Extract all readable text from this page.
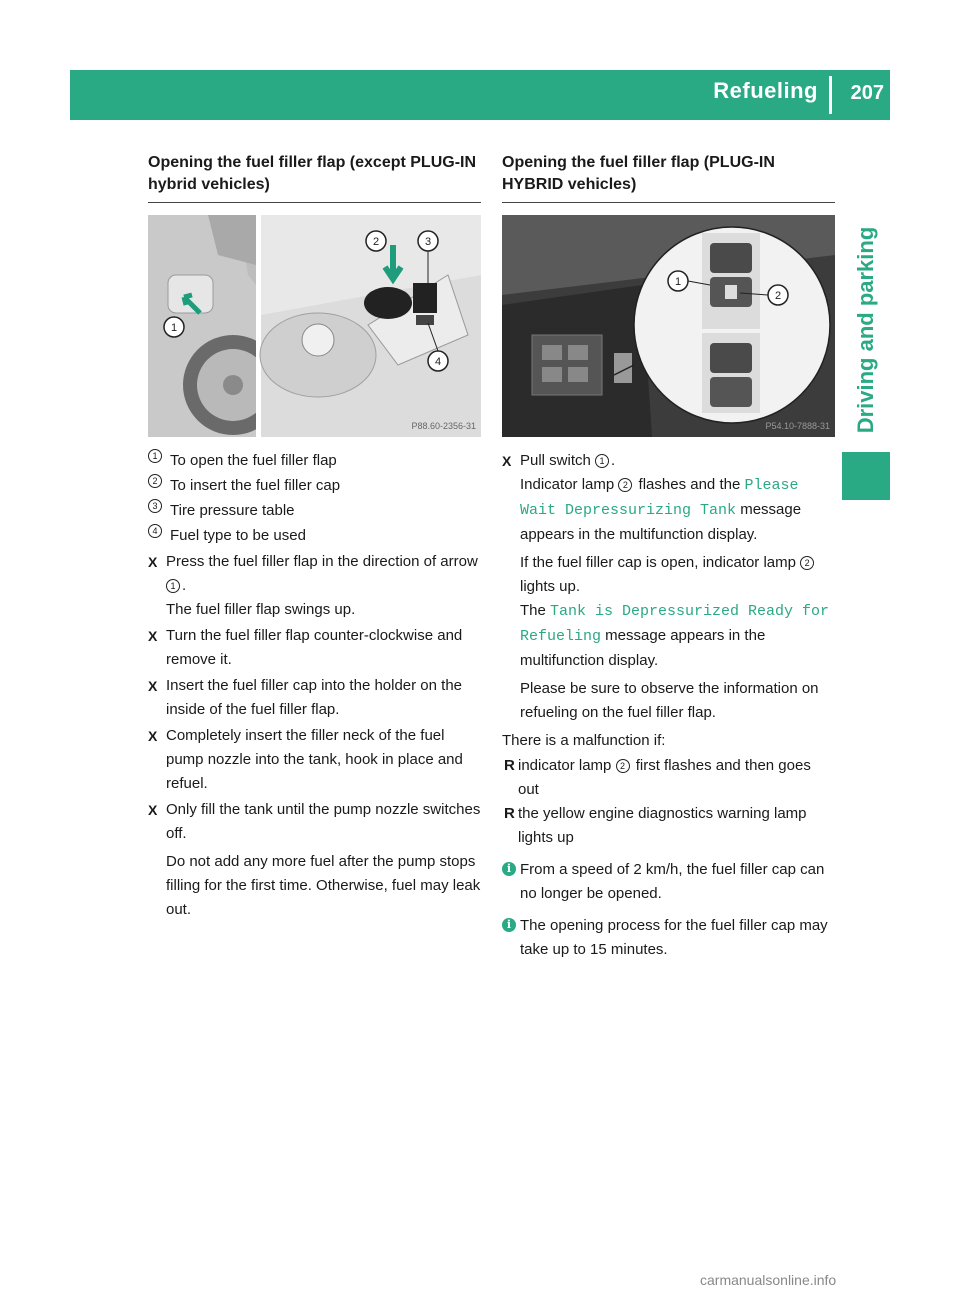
Refueling 207
Driving and parking
Opening the fuel filler flap (except PLUG-IN hybrid vehicles)
1
2	3
4
P88.60-2356-31
1 To open the fuel filler flap
2 To insert the fuel filler cap
3 Tire pressure table
4 Fuel type to be used
X Press the fuel filler flap in the direction of arrow 1 .
The fuel filler flap swings up.
X Turn the fuel filler flap counter-clockwise and remove it.
X Insert the fuel filler cap into the holder on the inside of the fuel filler flap.
X Completely insert the filler neck of the fuel pump nozzle into the tank, hook in place and refuel.
X Only fill the tank until the pump nozzle switches off.
Do not add any more fuel after the pump stops filling for the first time. Otherwise, fuel may leak out.
Opening the fuel filler flap (PLUG-IN HYBRID vehicles)
1
2
P54.10-7888-31
X Pull switch 1 .
Indicator lamp 2 flashes and the Please Wait Depressurizing Tank message appears in the multifunction display.
If the fuel filler cap is open, indicator lamp 2 lights up.
The Tank is Depressurized Ready for Refueling message appears in the multifunction display.
Please be sure to observe the information on refueling on the fuel filler flap.
There is a malfunction if:
R indicator lamp 2 first flashes and then goes out
R the yellow engine diagnostics warning lamp lights up
i From a speed of 2 km/h, the fuel filler cap can no longer be opened.
i The opening process for the fuel filler cap may take up to 15 minutes.
carmanualsonline.info
